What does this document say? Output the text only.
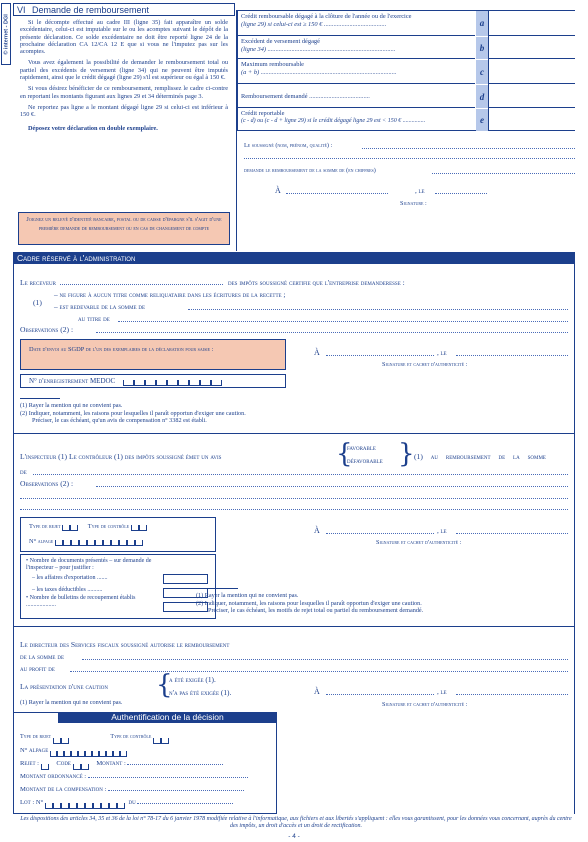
© internet - DGI
VI Demande de remboursement

Si le décompte effectué au cadre III (ligne 35) fait apparaître un solde excédentaire, celui-ci est imputable sur le ou les acomptes suivant le dépôt de la présente déclaration. Ce solde excédentaire ne doit être reporté ligne 24 de la prochaine déclaration CA 12/CA 12 E que si vous ne l'imputez pas sur les acomptes.

Vous avez également la possibilité de demander le remboursement total ou partiel des excédents de versement (ligne 34) qui ne peuvent être imputés rapidement, ainsi que le crédit dégagé (ligne 29) s'il est supérieur ou égal à 150 €.

Si vous désirez bénéficier de ce remboursement, remplissez le cadre ci-contre en reportant les montants figurant aux lignes 29 et 34 déterminés page 3.

Ne reportez pas ligne a le montant dégagé ligne 29 si celui-ci est inférieur à 150 €.

Déposez votre déclaration en double exemplaire.

Joignez un relevé d'identité bancaire, postal ou de caisse d'épargne s'il s'agit d'une première demande de remboursement ou en cas de changement de compte
Crédit remboursable dégagé à la clôture de l'année ou de l'exercice
(ligne 29) si celui-ci est ≥ 150 € .......................................	a
Excédent de versement dégagé
(ligne 34) ................................................................................	b
Maximum remboursable
(a + b) .....................................................................................	c
Remboursement demandé ......................................	d
Crédit reportable
(c - d) ou (c - d + ligne 29) si le crédit dégagé ligne 29 est < 150 € ...............	e
Le soussigné (nom, prénom, qualité) :
demande le remboursement de la somme de (en chiffres)
À	, le
Signature :
Cadre réservé à l'administration
Le receveur	des impôts soussigné certifie que l'entreprise demanderesse :
(1)
– ne figure à aucun titre comme reliquataire dans les écritures de la recette ;
– est redevable de la somme de
au titre de
Observations (2) :
Date d'envoi au SGDP de l'un des exemplaires de la déclaration pour saisie :	À	, le
Signature et cachet d'authenticité :
N° d'enregistrement MEDOC
(1) Rayer la mention qui ne convient pas.
(2) Indiquer, notamment, les raisons pour lesquelles il paraît opportun d'exiger une caution.
Préciser, le cas échéant, qu'un avis de compensation n° 3382 est établi.
L'inspecteur (1) Le contrôleur (1) des impôts soussigné émet un avis	{
favorable
défavorable } (1) au remboursement de la somme
de
Observations (2) :
Type de rejet	Type de contrôle
N° alpage
À	, le
Signature et cachet d'authenticité :
• Nombre de documents présentés – sur demande de l'inspecteur – pour justifier :
– les affaires d'exportation .......
– les taxes déductibles ..........
• Nombre de bulletins de recoupement établis ....................
(1) Rayer la mention qui ne convient pas.
(2) Indiquer, notamment, les raisons pour lesquelles il paraît opportun d'exiger une caution.
Préciser, le cas échéant, les motifs de rejet total ou partiel du remboursement demandé.
Le directeur des Services fiscaux soussigné autorise le remboursement
de la somme de
au profit de
La présentation d'une caution {
a été exigée (1).
n'a pas été exigée (1).	À	, le
Signature et cachet d'authenticité :
(1) Rayer la mention qui ne convient pas.
Authentification de la décision
Type de rejet	Type de contrôle
N° alpage
Rejet :	Code	Montant :
Montant ordonnancé :
Montant de la compensation :
Lot : N°	du
Les dispositions des articles 34, 35 et 36 de la loi n° 78-17 du 6 janvier 1978 modifiée relative à l'informatique, aux fichiers et aux libertés s'appliquent : elles vous garantissent, pour les données vous concernant, auprès du centre des impôts, un droit d'accès et un droit de rectification.
- 4 -
